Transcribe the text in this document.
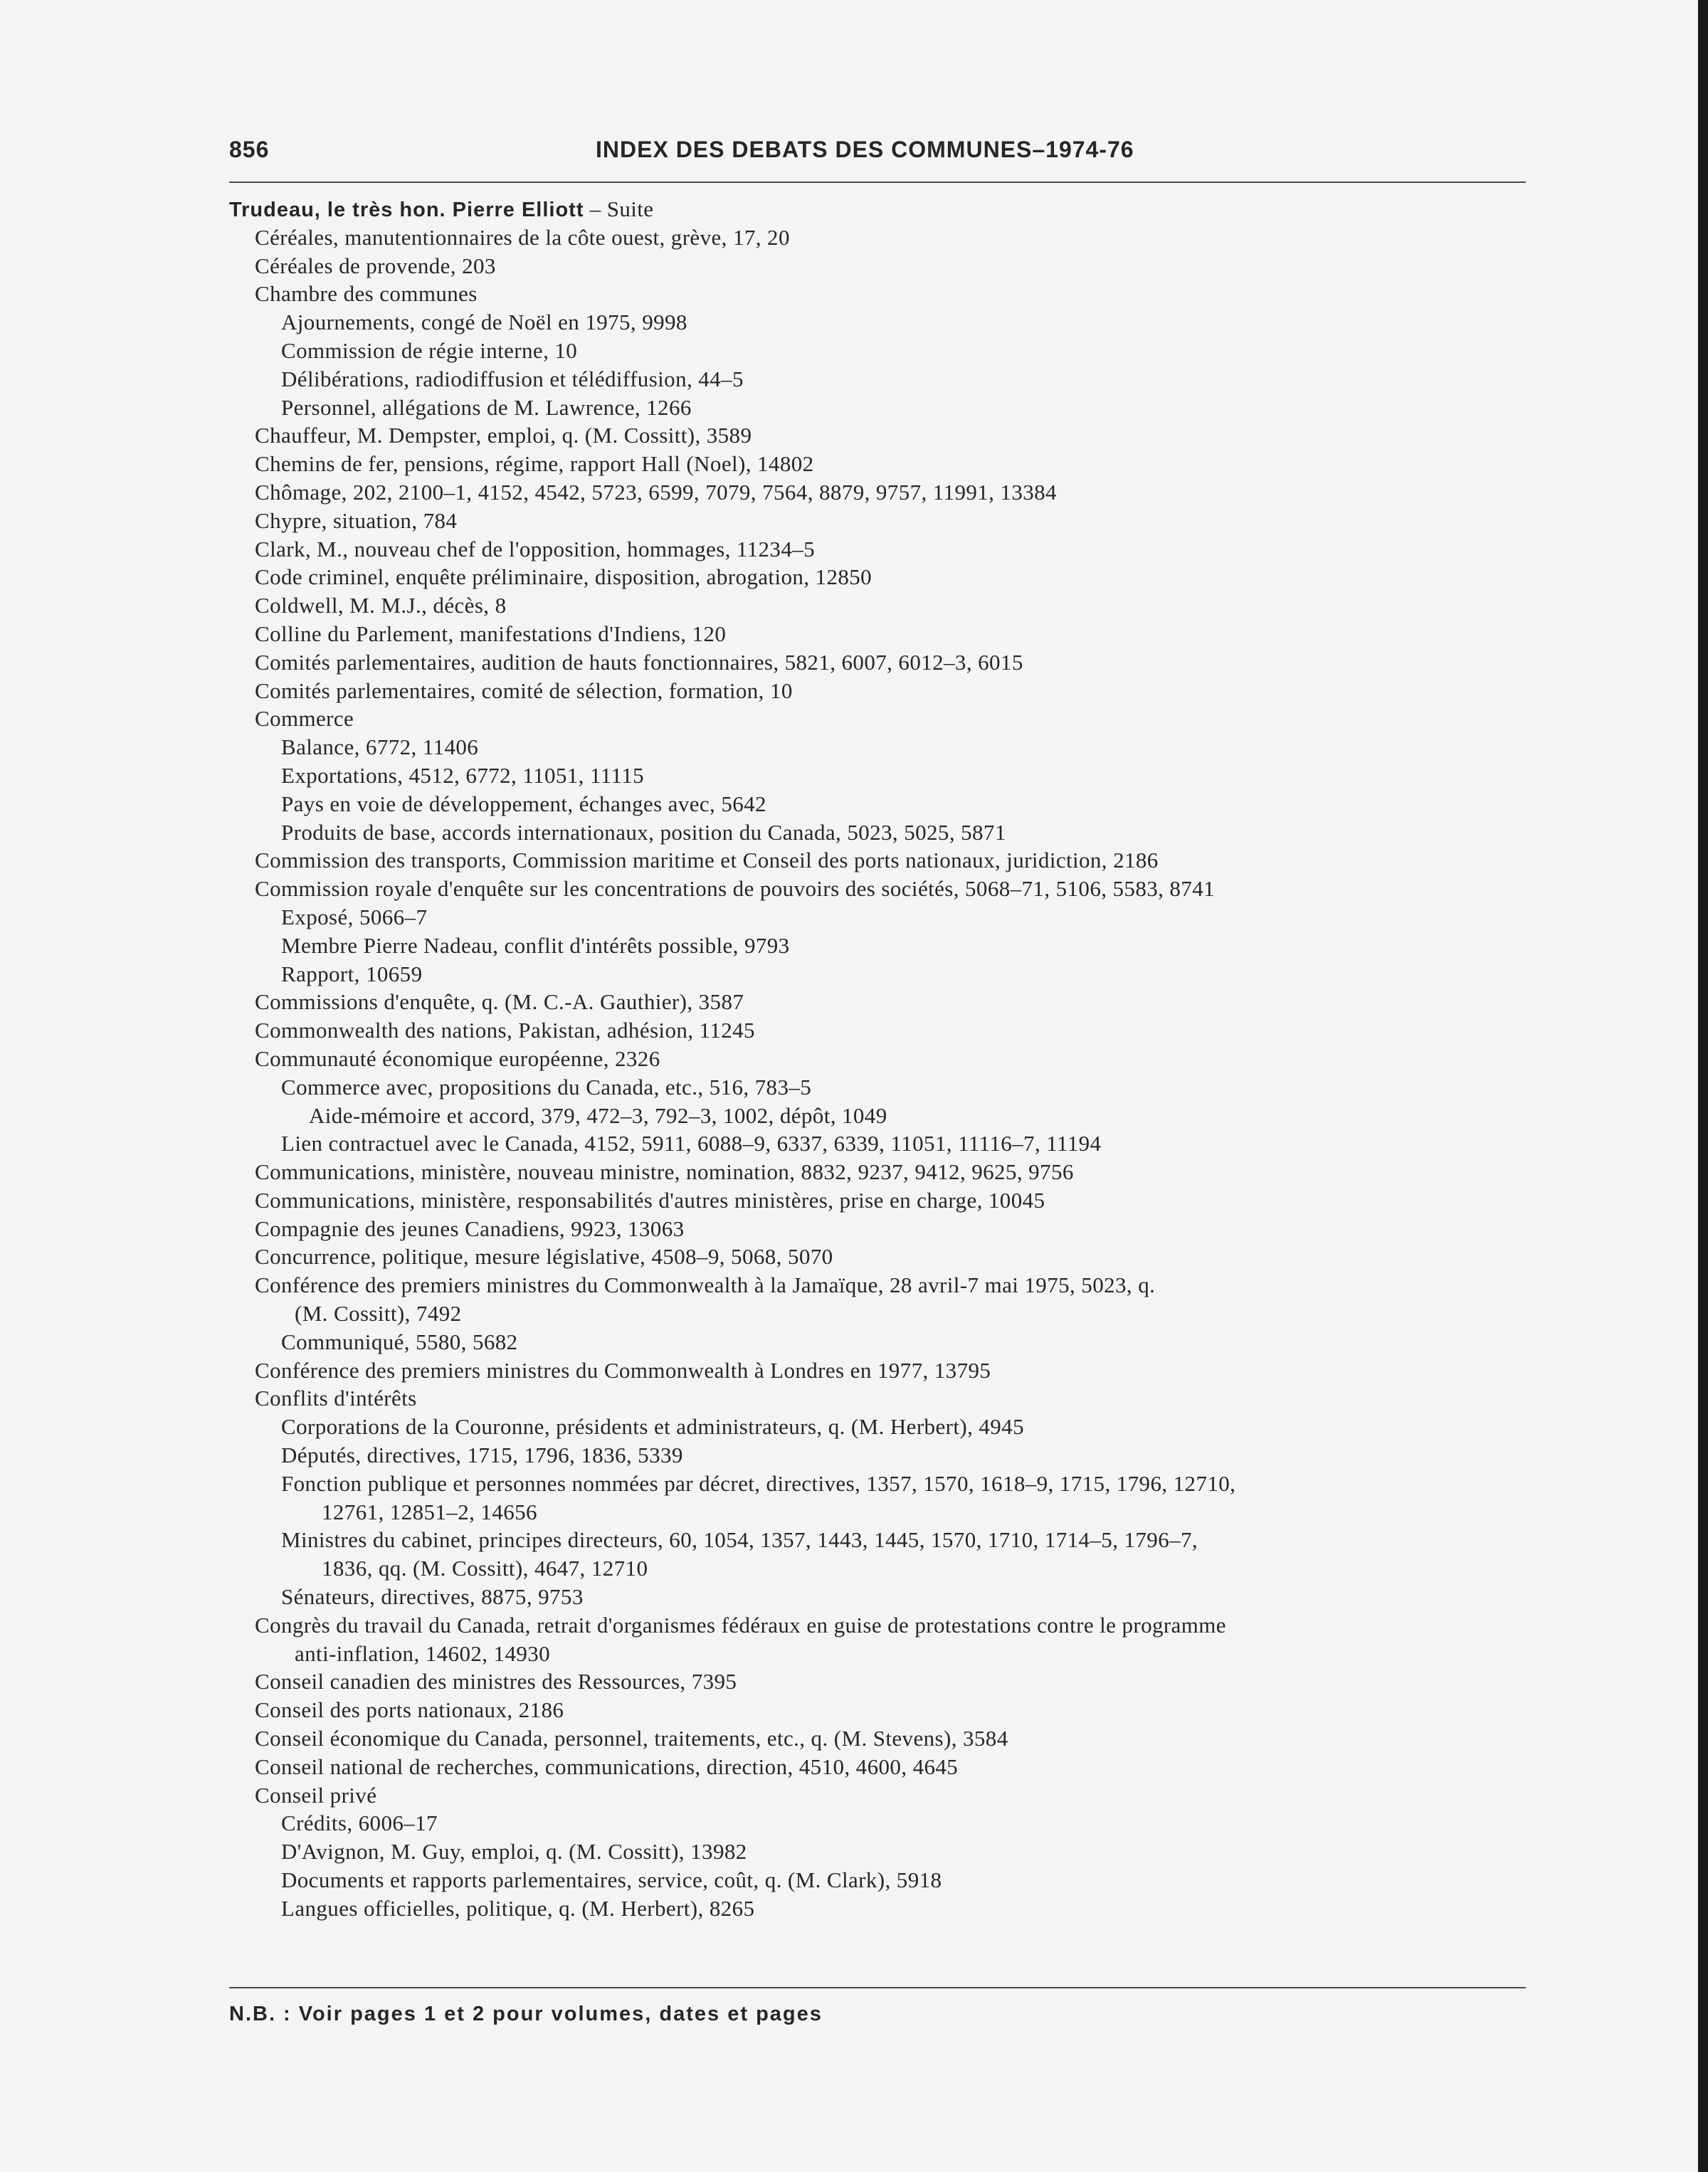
856	INDEX DES DEBATS DES COMMUNES–1974-76
Trudeau, le très hon. Pierre Elliott – Suite
Céréales, manutentionnaires de la côte ouest, grève, 17, 20
Céréales de provende, 203
Chambre des communes
Ajournements, congé de Noël en 1975, 9998
Commission de régie interne, 10
Délibérations, radiodiffusion et télédiffusion, 44–5
Personnel, allégations de M. Lawrence, 1266
Chauffeur, M. Dempster, emploi, q. (M. Cossitt), 3589
Chemins de fer, pensions, régime, rapport Hall (Noel), 14802
Chômage, 202, 2100–1, 4152, 4542, 5723, 6599, 7079, 7564, 8879, 9757, 11991, 13384
Chypre, situation, 784
Clark, M., nouveau chef de l'opposition, hommages, 11234–5
Code criminel, enquête préliminaire, disposition, abrogation, 12850
Coldwell, M. M.J., décès, 8
Colline du Parlement, manifestations d'Indiens, 120
Comités parlementaires, audition de hauts fonctionnaires, 5821, 6007, 6012–3, 6015
Comités parlementaires, comité de sélection, formation, 10
Commerce
Balance, 6772, 11406
Exportations, 4512, 6772, 11051, 11115
Pays en voie de développement, échanges avec, 5642
Produits de base, accords internationaux, position du Canada, 5023, 5025, 5871
Commission des transports, Commission maritime et Conseil des ports nationaux, juridiction, 2186
Commission royale d'enquête sur les concentrations de pouvoirs des sociétés, 5068–71, 5106, 5583, 8741
Exposé, 5066–7
Membre Pierre Nadeau, conflit d'intérêts possible, 9793
Rapport, 10659
Commissions d'enquête, q. (M. C.-A. Gauthier), 3587
Commonwealth des nations, Pakistan, adhésion, 11245
Communauté économique européenne, 2326
Commerce avec, propositions du Canada, etc., 516, 783–5
Aide-mémoire et accord, 379, 472–3, 792–3, 1002, dépôt, 1049
Lien contractuel avec le Canada, 4152, 5911, 6088–9, 6337, 6339, 11051, 11116–7, 11194
Communications, ministère, nouveau ministre, nomination, 8832, 9237, 9412, 9625, 9756
Communications, ministère, responsabilités d'autres ministères, prise en charge, 10045
Compagnie des jeunes Canadiens, 9923, 13063
Concurrence, politique, mesure législative, 4508–9, 5068, 5070
Conférence des premiers ministres du Commonwealth à la Jamaïque, 28 avril-7 mai 1975, 5023, q.
(M. Cossitt), 7492
Communiqué, 5580, 5682
Conférence des premiers ministres du Commonwealth à Londres en 1977, 13795
Conflits d'intérêts
Corporations de la Couronne, présidents et administrateurs, q. (M. Herbert), 4945
Députés, directives, 1715, 1796, 1836, 5339
Fonction publique et personnes nommées par décret, directives, 1357, 1570, 1618–9, 1715, 1796, 12710,
12761, 12851–2, 14656
Ministres du cabinet, principes directeurs, 60, 1054, 1357, 1443, 1445, 1570, 1710, 1714–5, 1796–7,
1836, qq. (M. Cossitt), 4647, 12710
Sénateurs, directives, 8875, 9753
Congrès du travail du Canada, retrait d'organismes fédéraux en guise de protestations contre le programme
anti-inflation, 14602, 14930
Conseil canadien des ministres des Ressources, 7395
Conseil des ports nationaux, 2186
Conseil économique du Canada, personnel, traitements, etc., q. (M. Stevens), 3584
Conseil national de recherches, communications, direction, 4510, 4600, 4645
Conseil privé
Crédits, 6006–17
D'Avignon, M. Guy, emploi, q. (M. Cossitt), 13982
Documents et rapports parlementaires, service, coût, q. (M. Clark), 5918
Langues officielles, politique, q. (M. Herbert), 8265
N.B. : Voir pages 1 et 2 pour volumes, dates et pages
